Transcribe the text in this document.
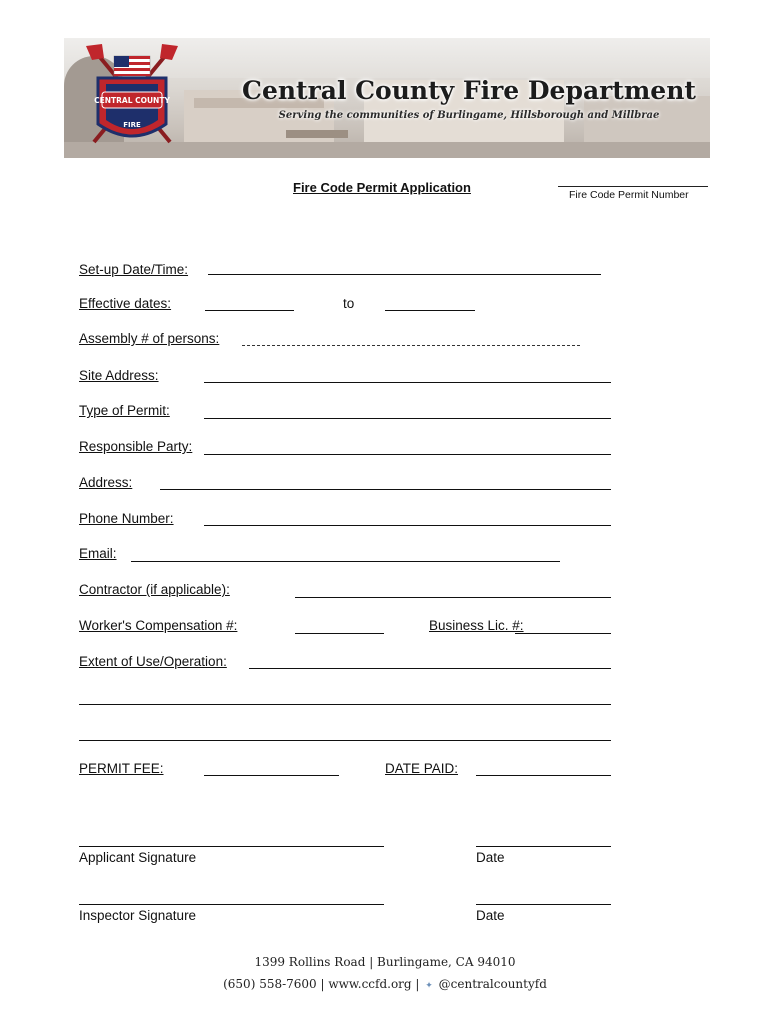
CENTRAL COUNTY
FIRE
Central County Fire Department
Serving the communities of Burlingame, Hillsborough and Millbrae
Fire Code Permit Application	Fire Code Permit Number
Set-up Date/Time:
Effective dates:	to
Assembly # of persons:
Site Address:
Type of Permit:
Responsible Party:
Address:
Phone Number:
Email:
Contractor (if applicable):
Worker's Compensation #:	Business Lic. #:
Extent of Use/Operation:
PERMIT FEE:	DATE PAID:
Applicant Signature	Date
Inspector Signature	Date
1399 Rollins Road | Burlingame, CA 94010
(650) 558-7600 | www.ccfd.org | ✦ @centralcountyfd
